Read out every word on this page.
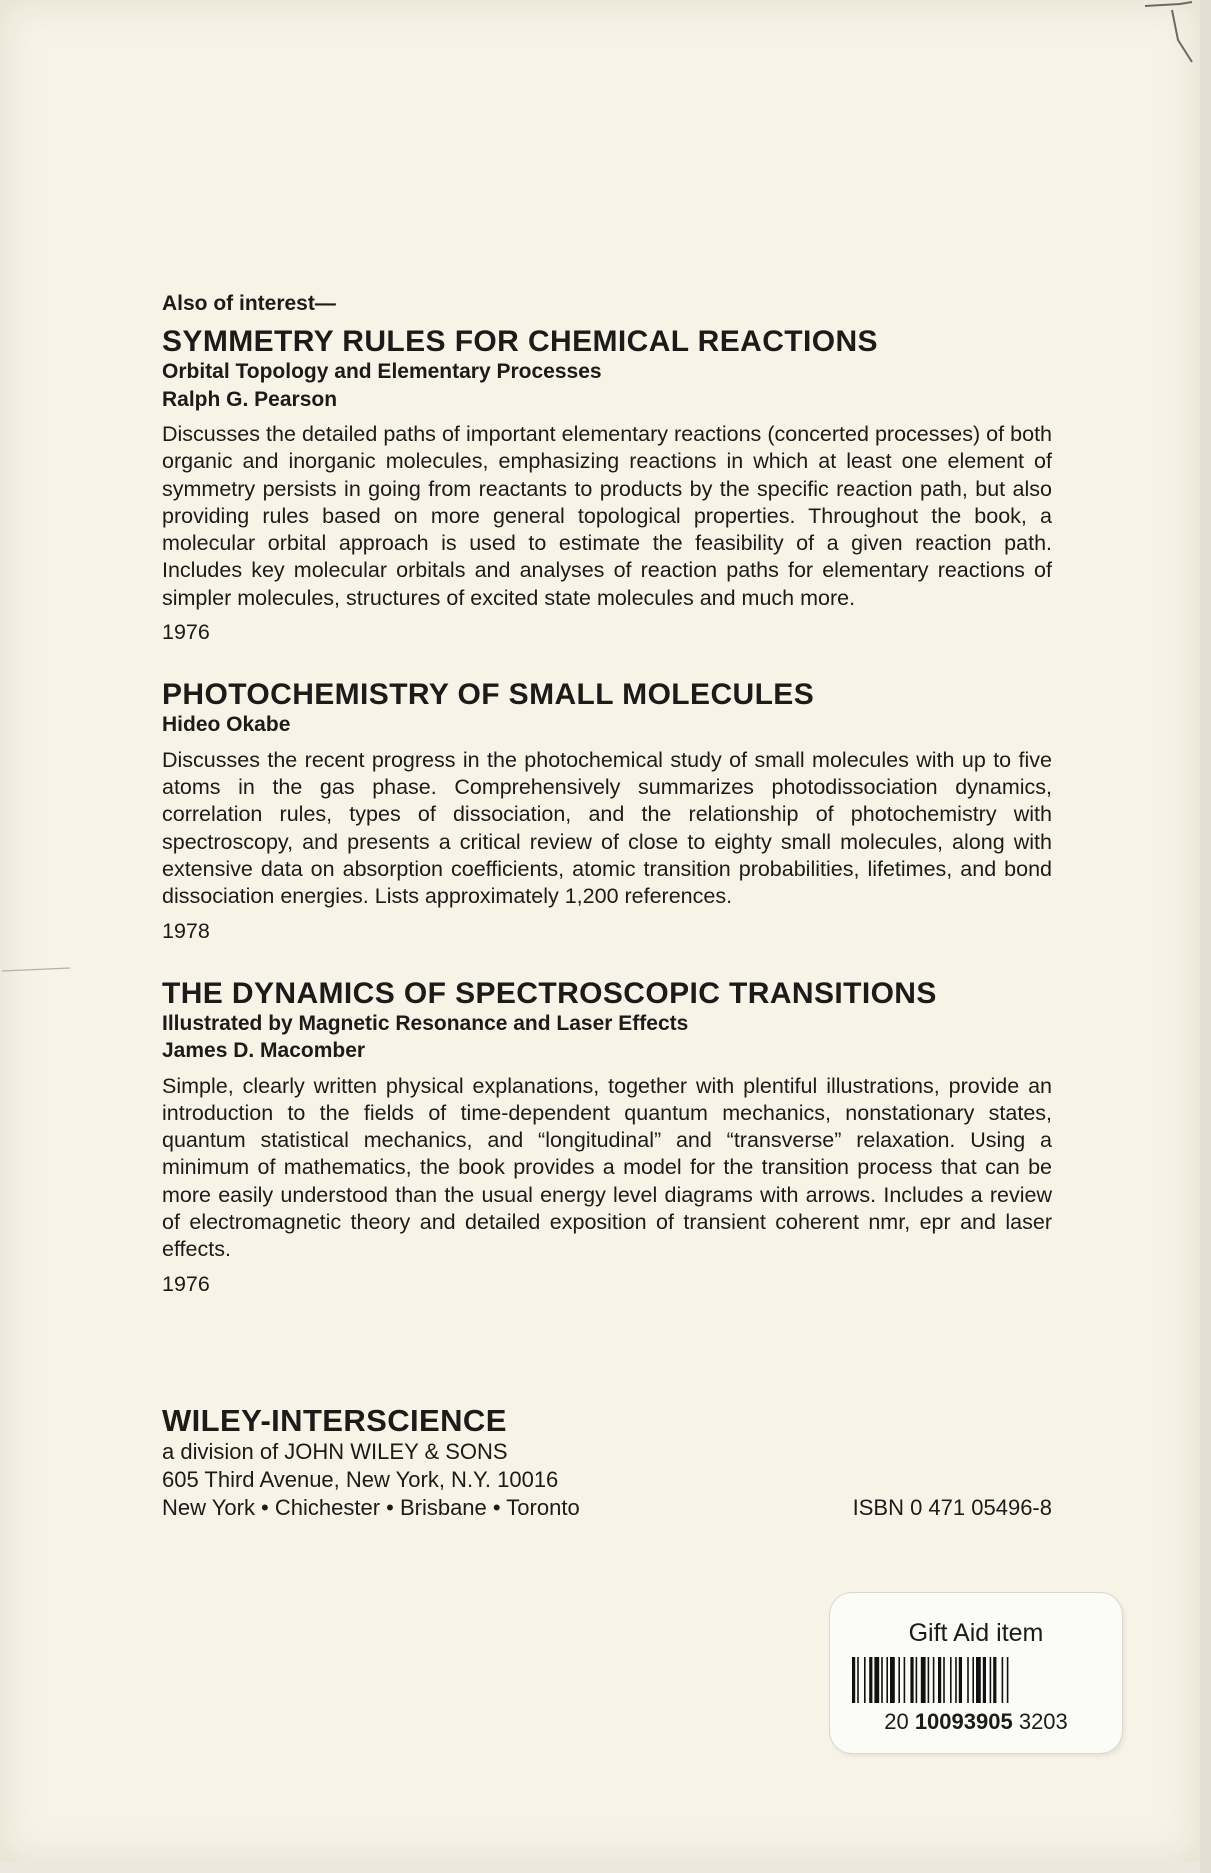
Also of interest—
SYMMETRY RULES FOR CHEMICAL REACTIONS
Orbital Topology and Elementary Processes
Ralph G. Pearson
Discusses the detailed paths of important elementary reactions (concerted processes) of both organic and inorganic molecules, emphasizing reactions in which at least one element of symmetry persists in going from reactants to products by the specific reaction path, but also providing rules based on more general topological properties. Throughout the book, a molecular orbital approach is used to estimate the feasibility of a given reaction path. Includes key molecular orbitals and analyses of reaction paths for elementary reactions of simpler molecules, structures of excited state molecules and much more.
1976
PHOTOCHEMISTRY OF SMALL MOLECULES
Hideo Okabe
Discusses the recent progress in the photochemical study of small molecules with up to five atoms in the gas phase. Comprehensively summarizes photodissociation dynamics, correlation rules, types of dissociation, and the relationship of photochemistry with spectroscopy, and presents a critical review of close to eighty small molecules, along with extensive data on absorption coefficients, atomic transition probabilities, lifetimes, and bond dissociation energies. Lists approximately 1,200 references.
1978
THE DYNAMICS OF SPECTROSCOPIC TRANSITIONS
Illustrated by Magnetic Resonance and Laser Effects
James D. Macomber
Simple, clearly written physical explanations, together with plentiful illustrations, provide an introduction to the fields of time-dependent quantum mechanics, nonstationary states, quantum statistical mechanics, and “longitudinal” and “transverse” relaxation. Using a minimum of mathematics, the book provides a model for the transition process that can be more easily understood than the usual energy level diagrams with arrows. Includes a review of electromagnetic theory and detailed exposition of transient coherent nmr, epr and laser effects.
1976
WILEY-INTERSCIENCE
a division of JOHN WILEY & SONS
605 Third Avenue, New York, N.Y. 10016
New York • Chichester • Brisbane • Toronto	ISBN 0 471 05496-8
Gift Aid item
20 10093905 3203
